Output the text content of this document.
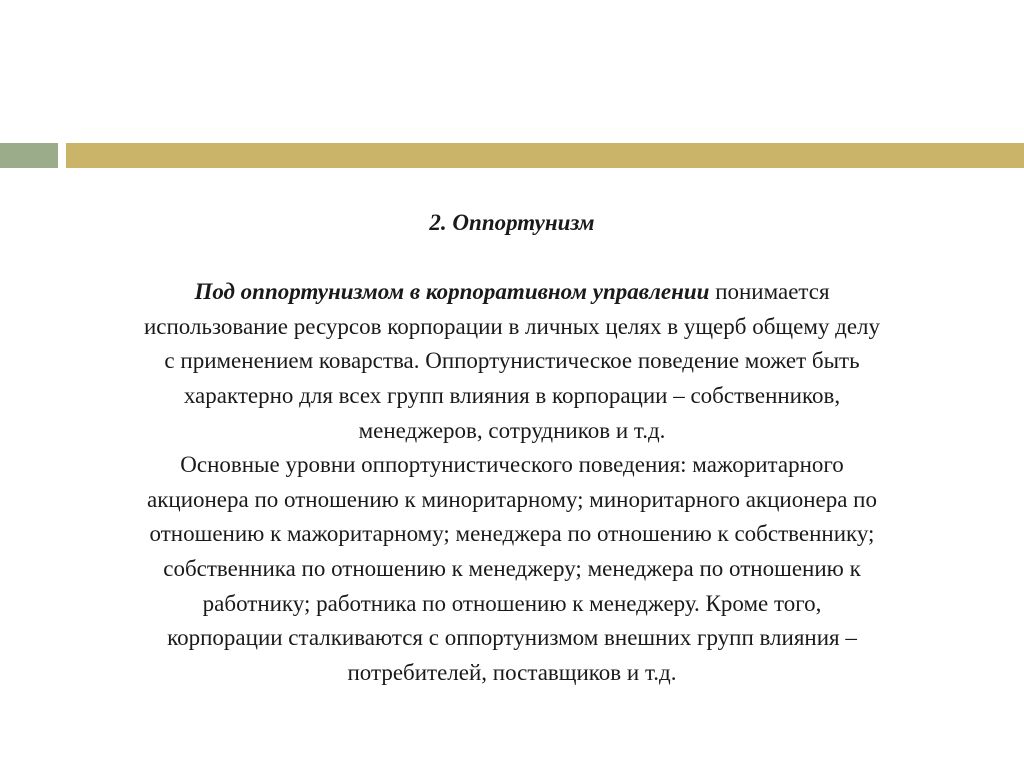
2. Оппортунизм

Под оппортунизмом в корпоративном управлении понимается
использование ресурсов корпорации в личных целях в ущерб общему делу
с применением коварства. Оппортунистическое поведение может быть
характерно для всех групп влияния в корпорации – собственников,
менеджеров, сотрудников и т.д.

Основные уровни оппортунистического поведения: мажоритарного
акционера по отношению к миноритарному; миноритарного акционера по
отношению к мажоритарному; менеджера по отношению к собственнику;
собственника по отношению к менеджеру; менеджера по отношению к
работнику; работника по отношению к менеджеру. Кроме того,
корпорации сталкиваются с оппортунизмом внешних групп влияния –
потребителей, поставщиков и т.д.
